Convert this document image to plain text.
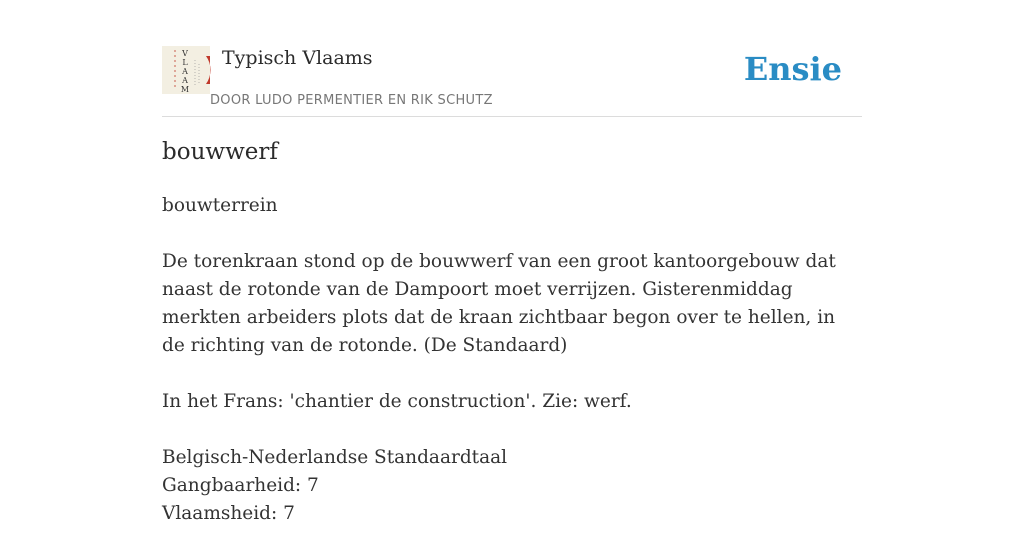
V
L
A
A
M
Typisch Vlaams
DOOR LUDO PERMENTIER EN RIK SCHUTZ
Ensie
bouwwerf

bouwterrein

De torenkraan stond op de bouwwerf van een groot kantoorgebouw dat naast de rotonde van de Dampoort moet verrijzen. Gisterenmiddag merkten arbeiders plots dat de kraan zichtbaar begon over te hellen, in de richting van de rotonde. (De Standaard)

In het Frans: 'chantier de construction'. Zie: werf.

Belgisch-Nederlandse Standaardtaal
Gangbaarheid: 7
Vlaamsheid: 7
